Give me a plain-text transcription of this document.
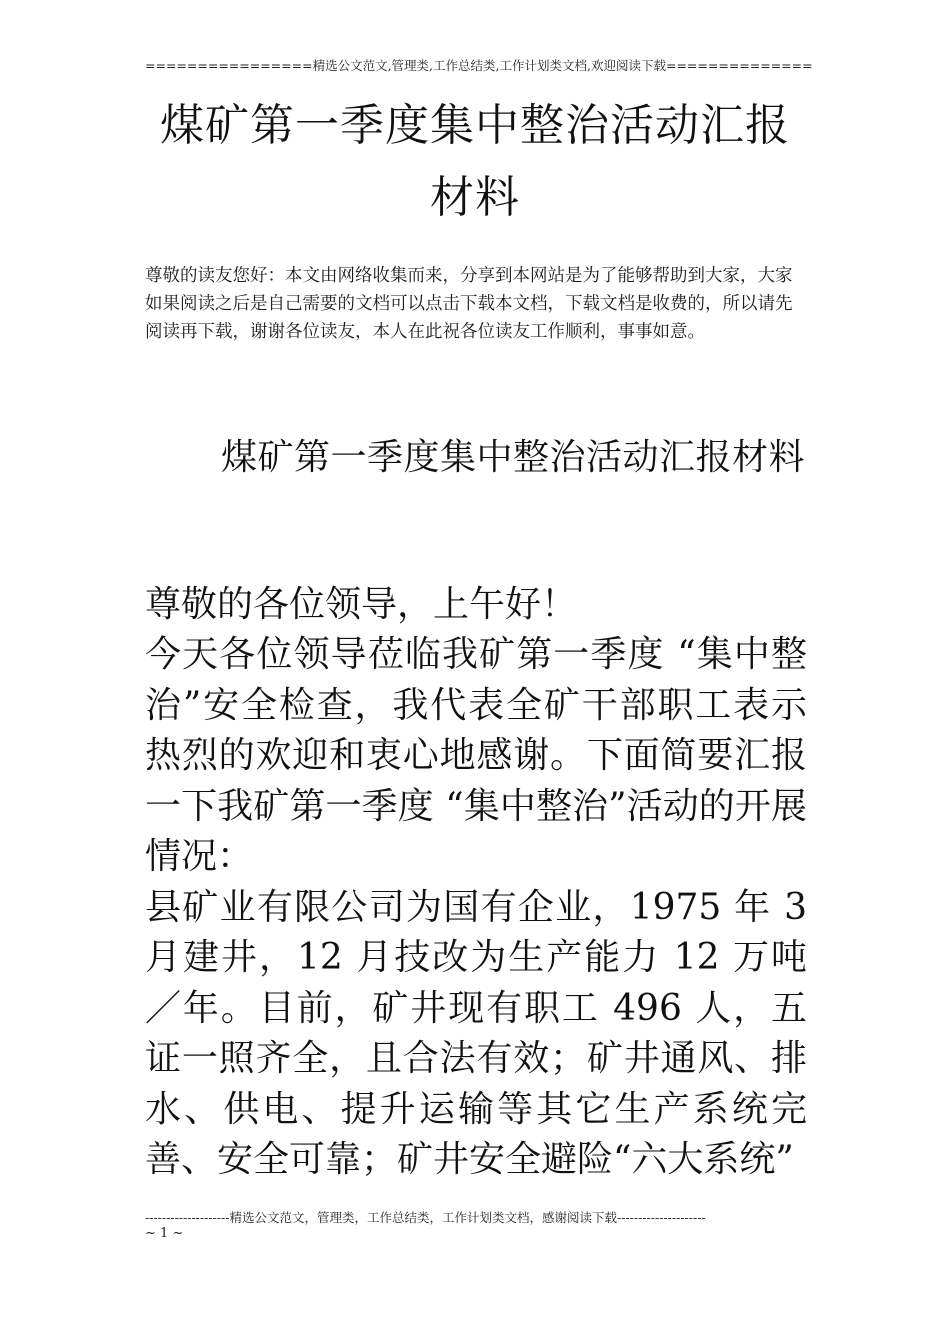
================精选公文范文,管理类,工作总结类,工作计划类文档,欢迎阅读下载==============
煤矿第一季度集中整治活动汇报材料
尊敬的读友您好：本文由网络收集而来，分享到本网站是为了能够帮助到大家，大家如果阅读之后是自己需要的文档可以点击下载本文档，下载文档是收费的，所以请先阅读再下载，谢谢各位读友，本人在此祝各位读友工作顺利，事事如意。
煤矿第一季度集中整治活动汇报材料
尊敬的各位领导，上午好！

今天各位领导莅临我矿第一季度 “集中整治”安全检查，我代表全矿干部职工表示热烈的欢迎和衷心地感谢。下面简要汇报一下我矿第一季度 “集中整治”活动的开展情况：

县矿业有限公司为国有企业，1975 年 3 月建井，12 月技改为生产能力 12 万吨／年。目前，矿井现有职工 496 人，五证一照齐全，且合法有效；矿井通风、排水、供电、提升运输等其它生产系统完善、安全可靠；矿井安全避险“六大系统”

--------------------精选公文范文，管理类，工作总结类，工作计划类文档，感谢阅读下载---------------------
~ 1 ~
